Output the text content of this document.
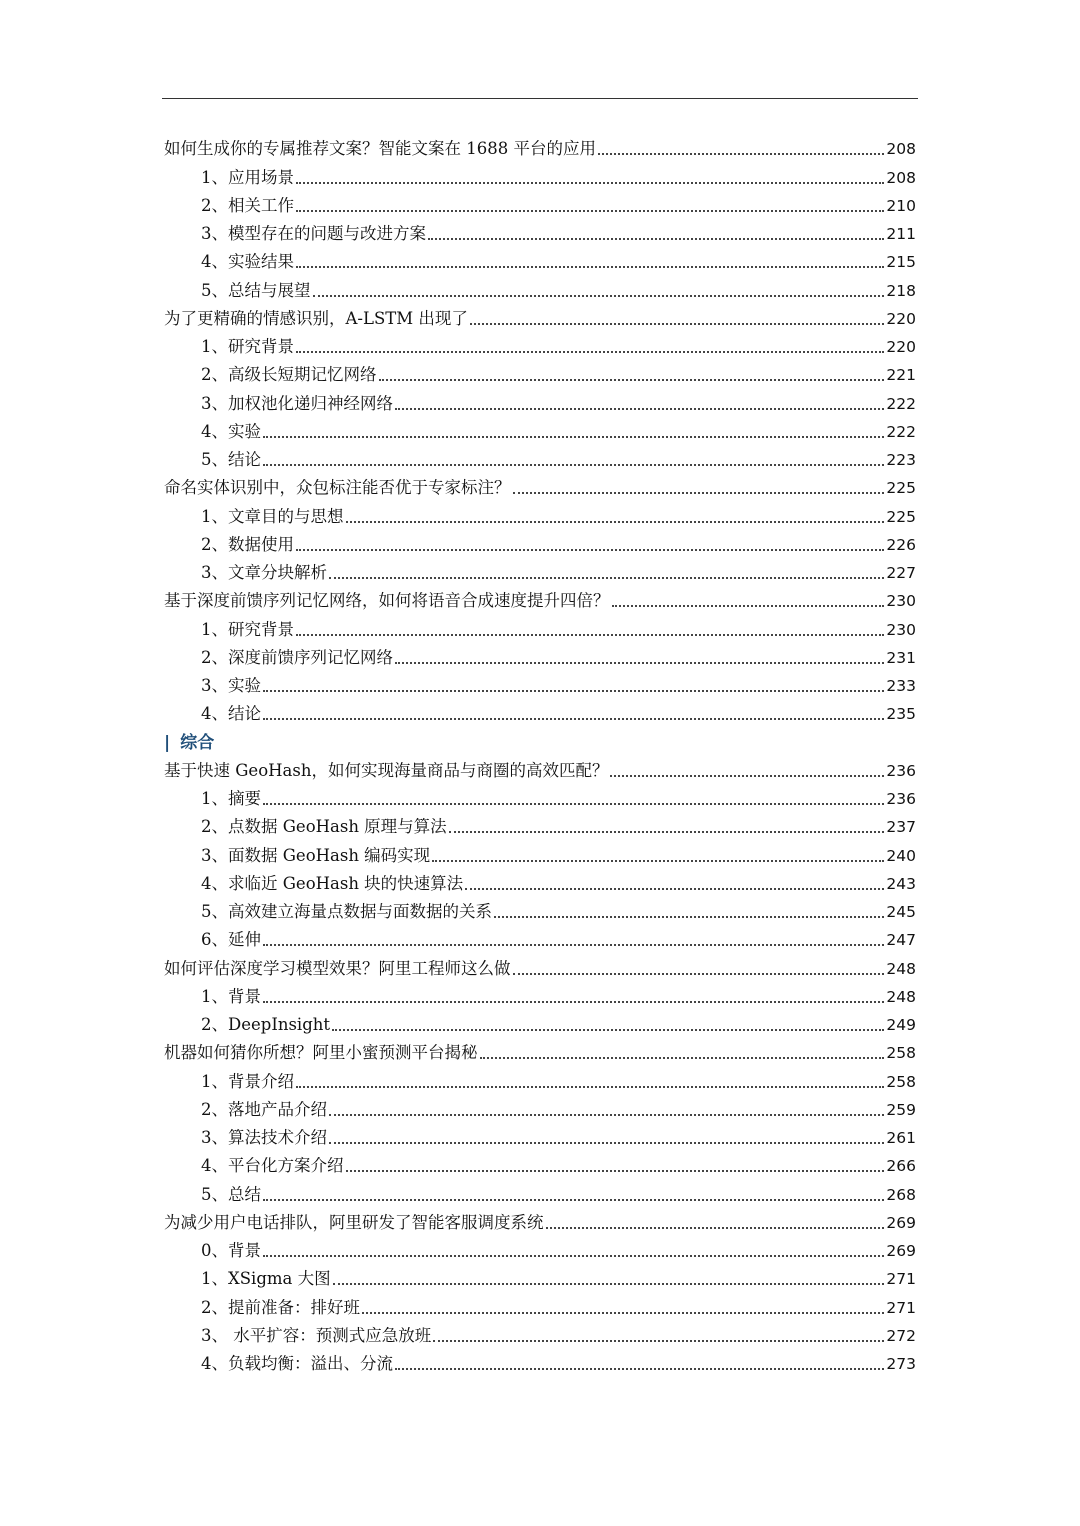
如何生成你的专属推荐文案？智能文案在 1688 平台的应用	208
1、应用场景	208
2、相关工作	210
3、模型存在的问题与改进方案	211
4、实验结果	215
5、总结与展望	218
为了更精确的情感识别，A-LSTM 出现了	220
1、研究背景	220
2、高级长短期记忆网络	221
3、加权池化递归神经网络	222
4、实验	222
5、结论	223
命名实体识别中，众包标注能否优于专家标注？	225
1、文章目的与思想	225
2、数据使用	226
3、文章分块解析	227
基于深度前馈序列记忆网络，如何将语音合成速度提升四倍？	230
1、研究背景	230
2、深度前馈序列记忆网络	231
3、实验	233
4、结论	235
| 综合
基于快速 GeoHash，如何实现海量商品与商圈的高效匹配？	236
1、摘要	236
2、点数据 GeoHash 原理与算法	237
3、面数据 GeoHash 编码实现	240
4、求临近 GeoHash 块的快速算法	243
5、高效建立海量点数据与面数据的关系	245
6、延伸	247
如何评估深度学习模型效果？阿里工程师这么做	248
1、背景	248
2、DeepInsight	249
机器如何猜你所想？阿里小蜜预测平台揭秘	258
1、背景介绍	258
2、落地产品介绍	259
3、算法技术介绍	261
4、平台化方案介绍	266
5、总结	268
为减少用户电话排队，阿里研发了智能客服调度系统	269
0、背景	269
1、XSigma 大图	271
2、提前准备：排好班	271
3、 水平扩容：预测式应急放班	272
4、负载均衡：溢出、分流	273
